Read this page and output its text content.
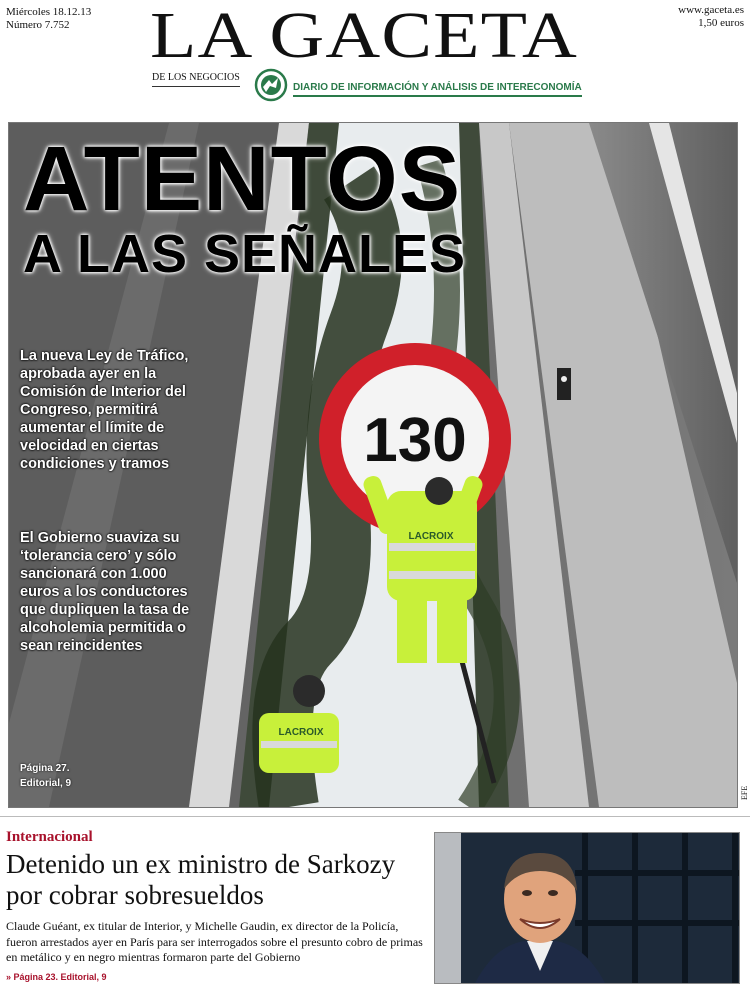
Miércoles 18.12.13
Número 7.752
www.gaceta.es
1,50 euros
LA GACETA
DE LOS NEGOCIOS
DIARIO DE INFORMACIÓN Y ANÁLISIS DE INTERECONOMÍA
130
LACROIX
LACROIX
ATENTOS
A LAS SEÑALES
La nueva Ley de Tráfico, aprobada ayer en la Comisión de Interior del Congreso, permitirá aumentar el límite de velocidad en ciertas condiciones y tramos
El Gobierno suaviza su ‘tolerancia cero’ y sólo sancionará con 1.000 euros a los conductores que dupliquen la tasa de alcoholemia permitida o sean reincidentes
Página 27.
Editorial, 9
EFE
Internacional
Detenido un ex ministro de Sarkozy por cobrar sobresueldos
Claude Guéant, ex titular de Interior, y Michelle Gaudin, ex director de la Policía, fueron arrestados ayer en París para ser interrogados sobre el presunto cobro de primas en metálico y en negro mientras formaron parte del Gobierno
» Página 23. Editorial, 9
